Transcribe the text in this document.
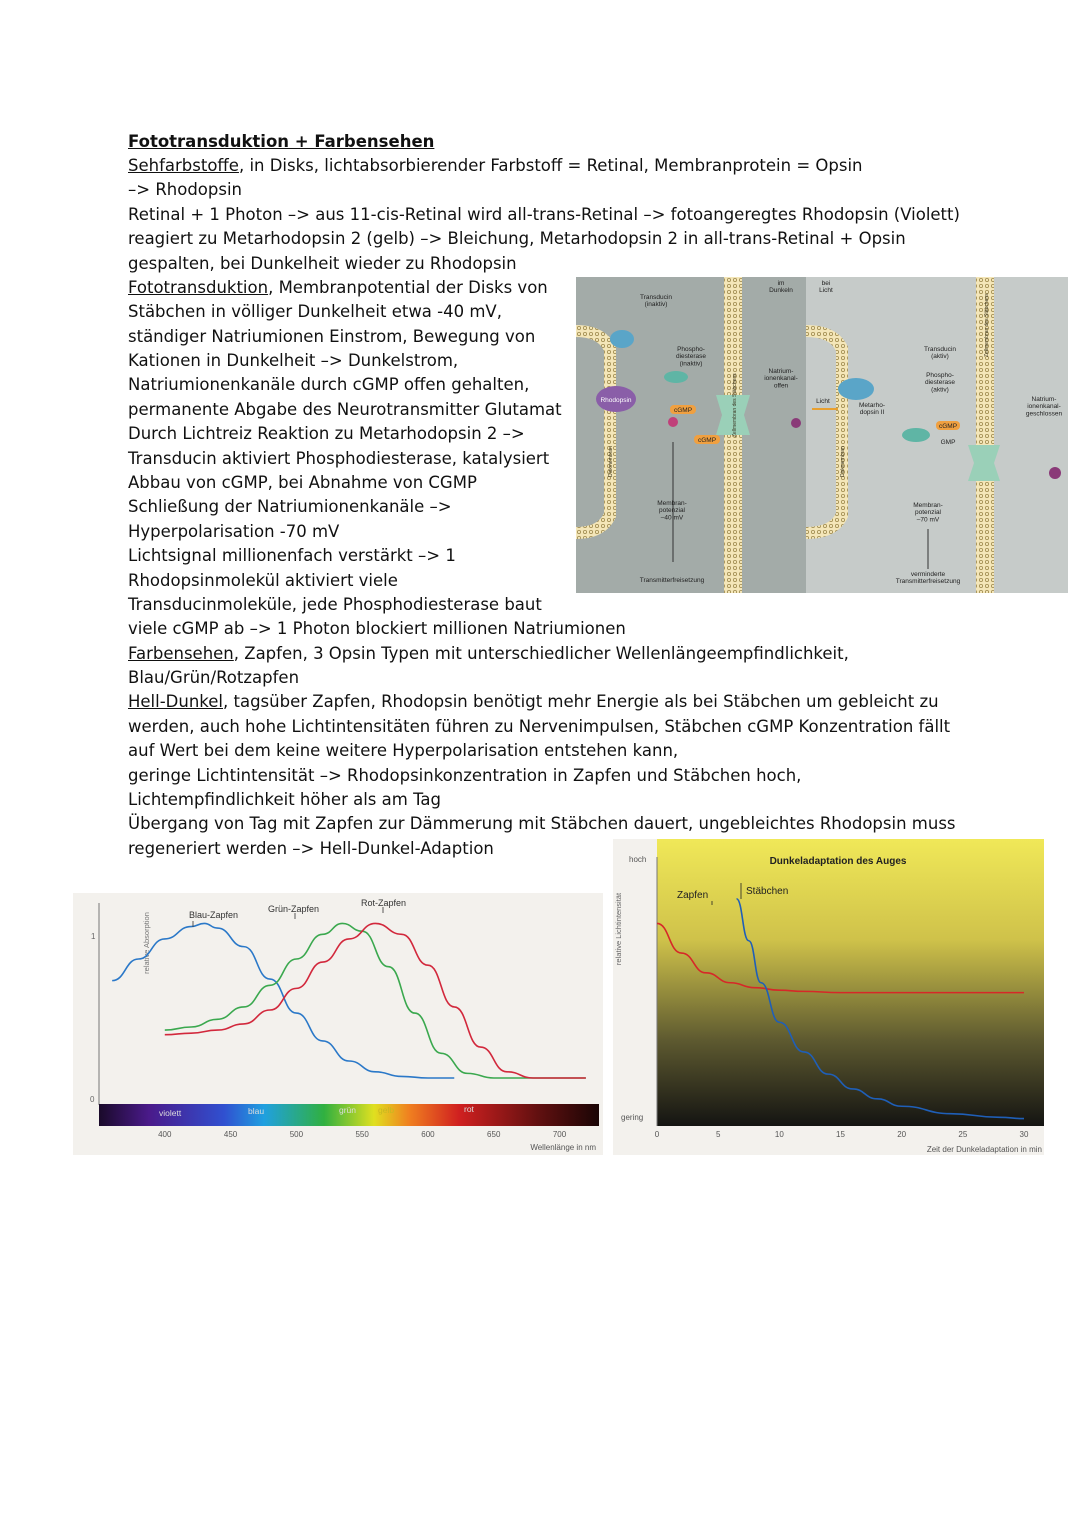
Fototransduktion + Farbensehen
Sehfarbstoffe, in Disks, lichtabsorbierender Farbstoff = Retinal, Membranprotein = Opsin
–> Rhodopsin
Retinal + 1 Photon –> aus 11-cis-Retinal wird all-trans-Retinal –> fotoangeregtes Rhodopsin (Violett)
reagiert zu Metarhodopsin 2 (gelb) –> Bleichung, Metarhodopsin 2 in all-trans-Retinal + Opsin
gespalten, bei Dunkelheit wieder zu Rhodopsin
Fototransduktion, Membranpotential der Disks von
Stäbchen in völliger Dunkelheit etwa -40 mV,
ständiger Natriumionen Einstrom, Bewegung von
Kationen in Dunkelheit –> Dunkelstrom,
Natriumionenkanäle durch cGMP offen gehalten,
permanente Abgabe des Neurotransmitter Glutamat
Durch Lichtreiz Reaktion zu Metarhodopsin 2 –>
Transducin aktiviert Phosphodiesterase, katalysiert
Abbau von cGMP, bei Abnahme von CGMP
Schließung der Natriumionenkanäle –>
Hyperpolarisation -70 mV
Lichtsignal millionenfach verstärkt –> 1
Rhodopsinmolekül aktiviert viele
Transducinmoleküle, jede Phosphodiesterase baut
viele cGMP ab –> 1 Photon blockiert millionen Natriumionen
Farbensehen, Zapfen, 3 Opsin Typen mit unterschiedlicher Wellenlängeempfindlichkeit,
Blau/Grün/Rotzapfen
Hell-Dunkel, tagsüber Zapfen, Rhodopsin benötigt mehr Energie als bei Stäbchen um gebleicht zu
werden, auch hohe Lichtintensitäten führen zu Nervenimpulsen, Stäbchen cGMP Konzentration fällt
auf Wert bei dem keine weitere Hyperpolarisation entstehen kann,
geringe Lichtintensität –> Rhodopsinkonzentration in Zapfen und Stäbchen hoch,
Lichtempfindlichkeit höher als am Tag
Übergang von Tag mit Zapfen zur Dämmerung mit Stäbchen dauert, ungebleichtes Rhodopsin muss
regeneriert werden –> Hell-Dunkel-Adaption
im Dunkeln
bei Licht
Transducin (inaktiv)
Phospho-diesterase (inaktiv)
Rhodopsin
cGMP
cGMP
Natrium-ionenkanal-offen
Membran-potenzial –40 mV
Transmitterfreisetzung
Licht
Metarho-dopsin II
Transducin (aktiv)
Phospho-diesterase (aktiv)
cGMP
GMP
Natrium-ionenkanal-geschlossen
Membran-potenzial –70 mV
verminderte Transmitterfreisetzung
Diskmembran
Zellmembran des Stäbchens
Diskmembran
Zellmembran des Stäbchens
relative Absorption
1
0
violett	blau	grün	gelb	rot
Wellenlänge in nm
400	450	500	550	600	650	700
Blau-Zapfen
Grün-Zapfen
Rot-Zapfen	relative Lichtintensität
hoch
gering
Dunkeladaptation des Auges
Zeit der Dunkeladaptation in min
0	5	10	15	20	25	30
Zapfen	Stäbchen
